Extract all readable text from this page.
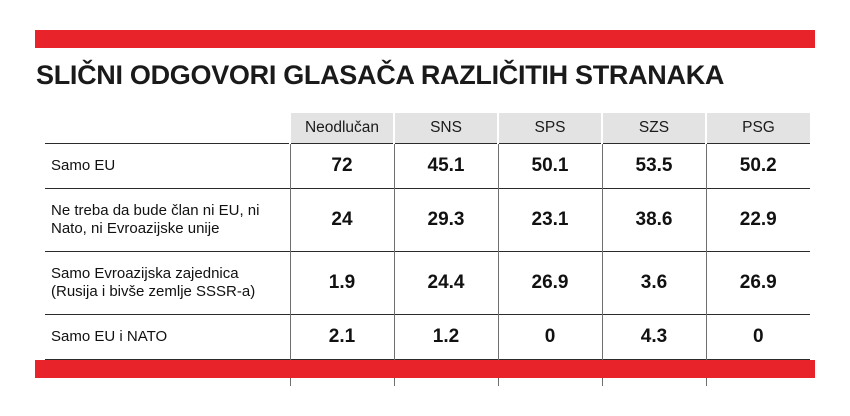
SLIČNI ODGOVORI GLASAČA RAZLIČITIH STRANAKA
	Neodlučan	SNS	SPS	SZS	PSG
Samo EU	72	45.1	50.1	53.5	50.2

Ne treba da bude član ni EU, ni
Nato, ni Evroazijske unije	24	29.3	23.1	38.6	22.9

Samo Evroazijska zajednica
(Rusija i bivše zemlje SSSR-a)	1.9	24.4	26.9	3.6	26.9
Samo EU i NATO	2.1	1.2	0	4.3	0
